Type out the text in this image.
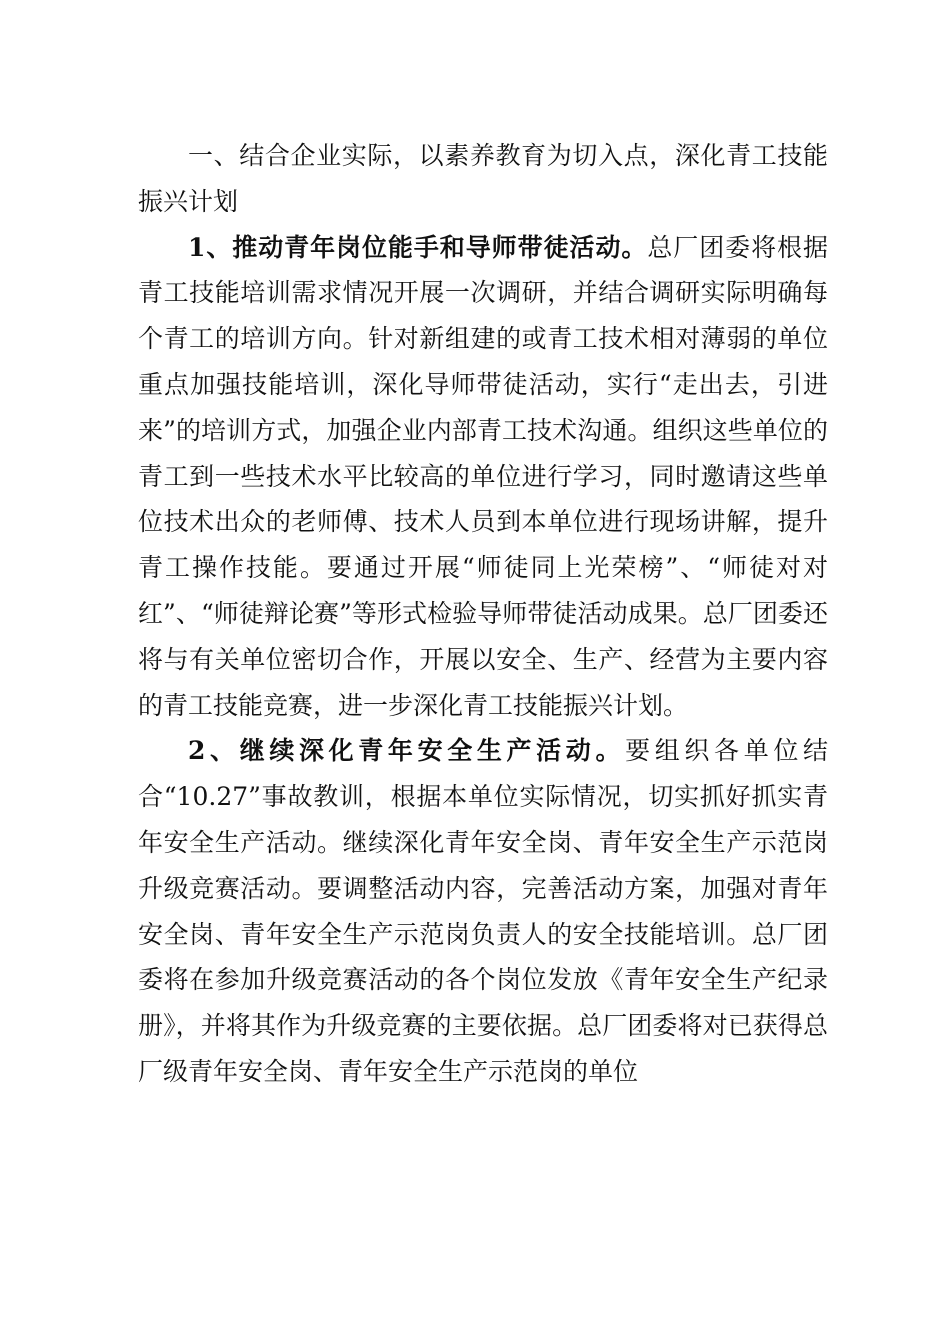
一、结合企业实际，以素养教育为切入点，深化青工技能振兴计划

1、推动青年岗位能手和导师带徒活动。总厂团委将根据青工技能培训需求情况开展一次调研，并结合调研实际明确每个青工的培训方向。针对新组建的或青工技术相对薄弱的单位重点加强技能培训，深化导师带徒活动，实行“走出去，引进来”的培训方式，加强企业内部青工技术沟通。组织这些单位的青工到一些技术水平比较高的单位进行学习，同时邀请这些单位技术出众的老师傅、技术人员到本单位进行现场讲解，提升青工操作技能。要通过开展“师徒同上光荣榜”、“师徒对对红”、“师徒辩论赛”等形式检验导师带徒活动成果。总厂团委还将与有关单位密切合作，开展以安全、生产、经营为主要内容的青工技能竞赛，进一步深化青工技能振兴计划。

2、继续深化青年安全生产活动。要组织各单位结合“10.27”事故教训，根据本单位实际情况，切实抓好抓实青年安全生产活动。继续深化青年安全岗、青年安全生产示范岗升级竞赛活动。要调整活动内容，完善活动方案，加强对青年安全岗、青年安全生产示范岗负责人的安全技能培训。总厂团委将在参加升级竞赛活动的各个岗位发放《青年安全生产纪录册》，并将其作为升级竞赛的主要依据。总厂团委将对已获得总厂级青年安全岗、青年安全生产示范岗的单位
